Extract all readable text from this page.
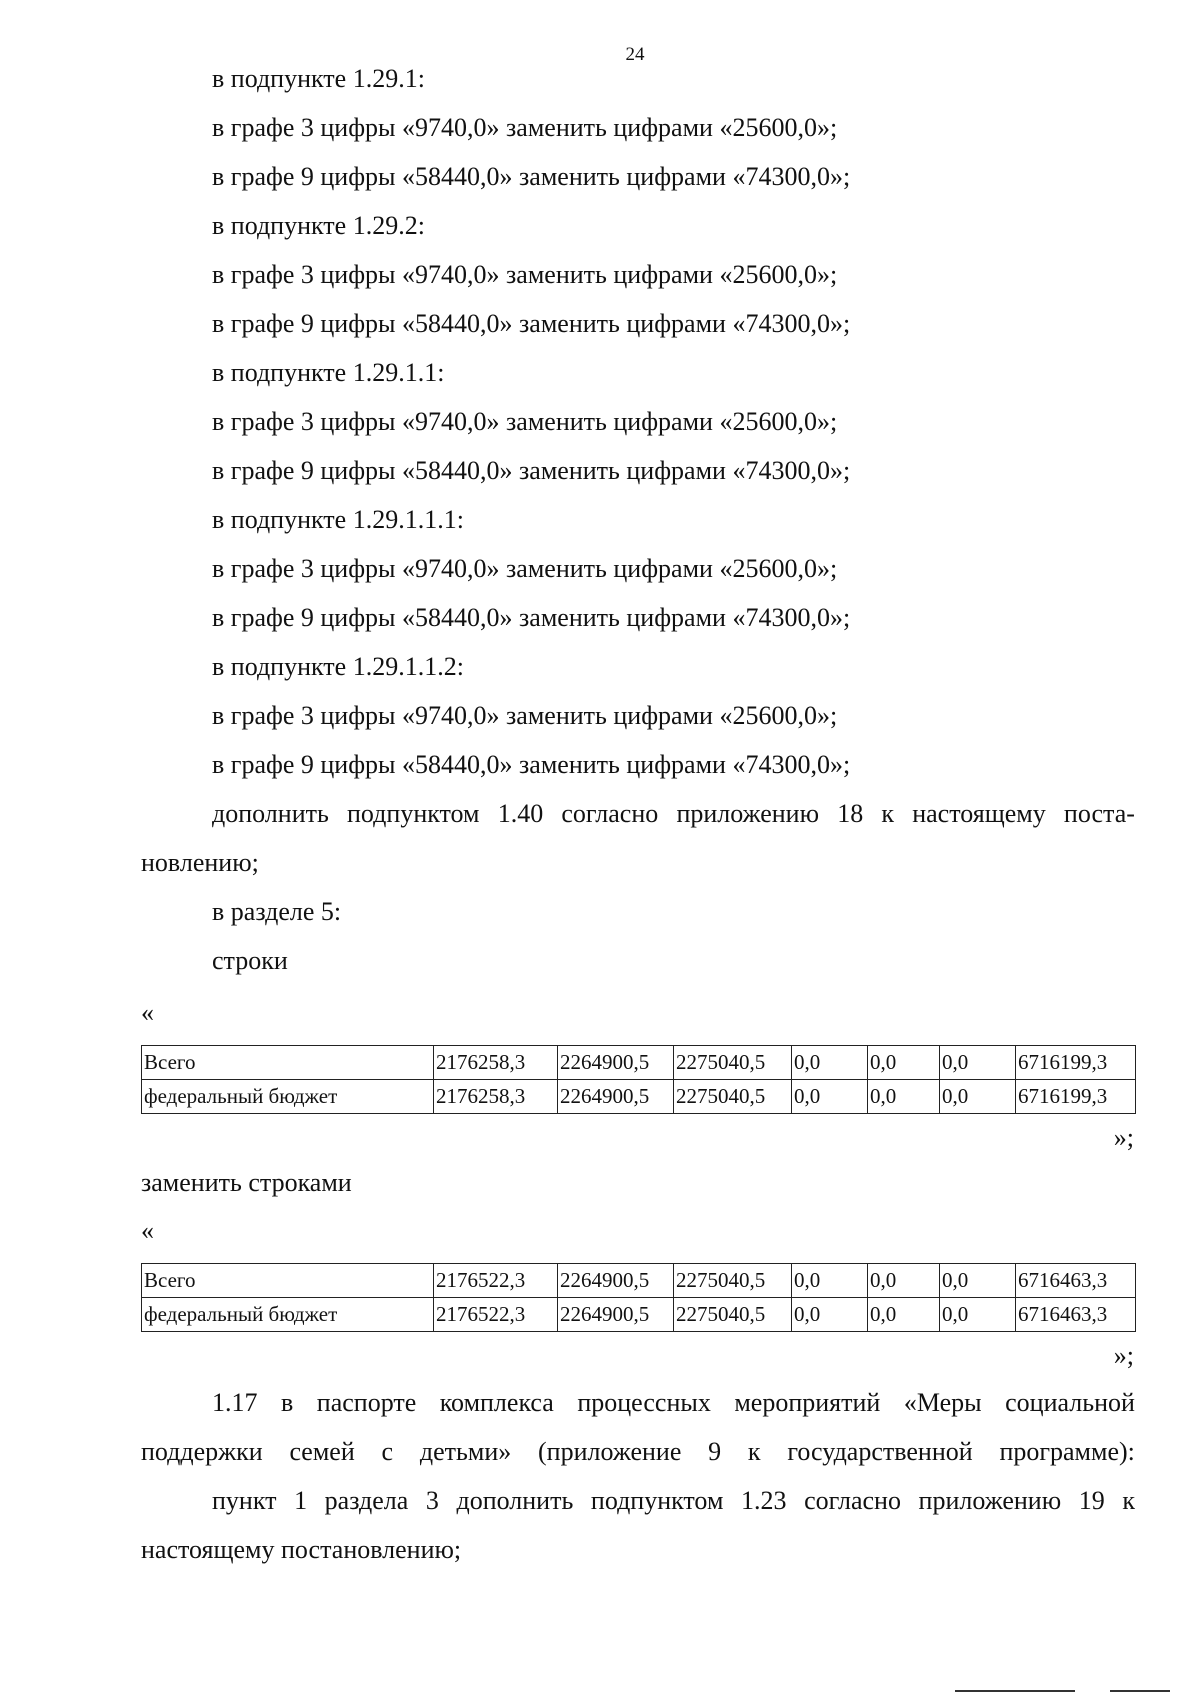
24
в подпункте 1.29.1:
в графе 3 цифры «9740,0» заменить цифрами «25600,0»;
в графе 9 цифры «58440,0» заменить цифрами «74300,0»;
в подпункте 1.29.2:
в графе 3 цифры «9740,0» заменить цифрами «25600,0»;
в графе 9 цифры «58440,0» заменить цифрами «74300,0»;
в подпункте 1.29.1.1:
в графе 3 цифры «9740,0» заменить цифрами «25600,0»;
в графе 9 цифры «58440,0» заменить цифрами «74300,0»;
в подпункте 1.29.1.1.1:
в графе 3 цифры «9740,0» заменить цифрами «25600,0»;
в графе 9 цифры «58440,0» заменить цифрами «74300,0»;
в подпункте 1.29.1.1.2:
в графе 3 цифры «9740,0» заменить цифрами «25600,0»;
в графе 9 цифры «58440,0» заменить цифрами «74300,0»;
дополнить подпунктом 1.40 согласно приложению 18 к настоящему поста-
новлению;
в разделе 5:
строки
«
Всего	2176258,3	2264900,5	2275040,5	0,0	0,0	0,0	6716199,3
федеральный бюджет	2176258,3	2264900,5	2275040,5	0,0	0,0	0,0	6716199,3
»;
заменить строками
«
Всего	2176522,3	2264900,5	2275040,5	0,0	0,0	0,0	6716463,3
федеральный бюджет	2176522,3	2264900,5	2275040,5	0,0	0,0	0,0	6716463,3
»;
1.17 в паспорте комплекса процессных мероприятий «Меры социальной
поддержки семей с детьми» (приложение 9 к государственной программе):
пункт 1 раздела 3 дополнить подпунктом 1.23 согласно приложению 19 к
настоящему постановлению;
